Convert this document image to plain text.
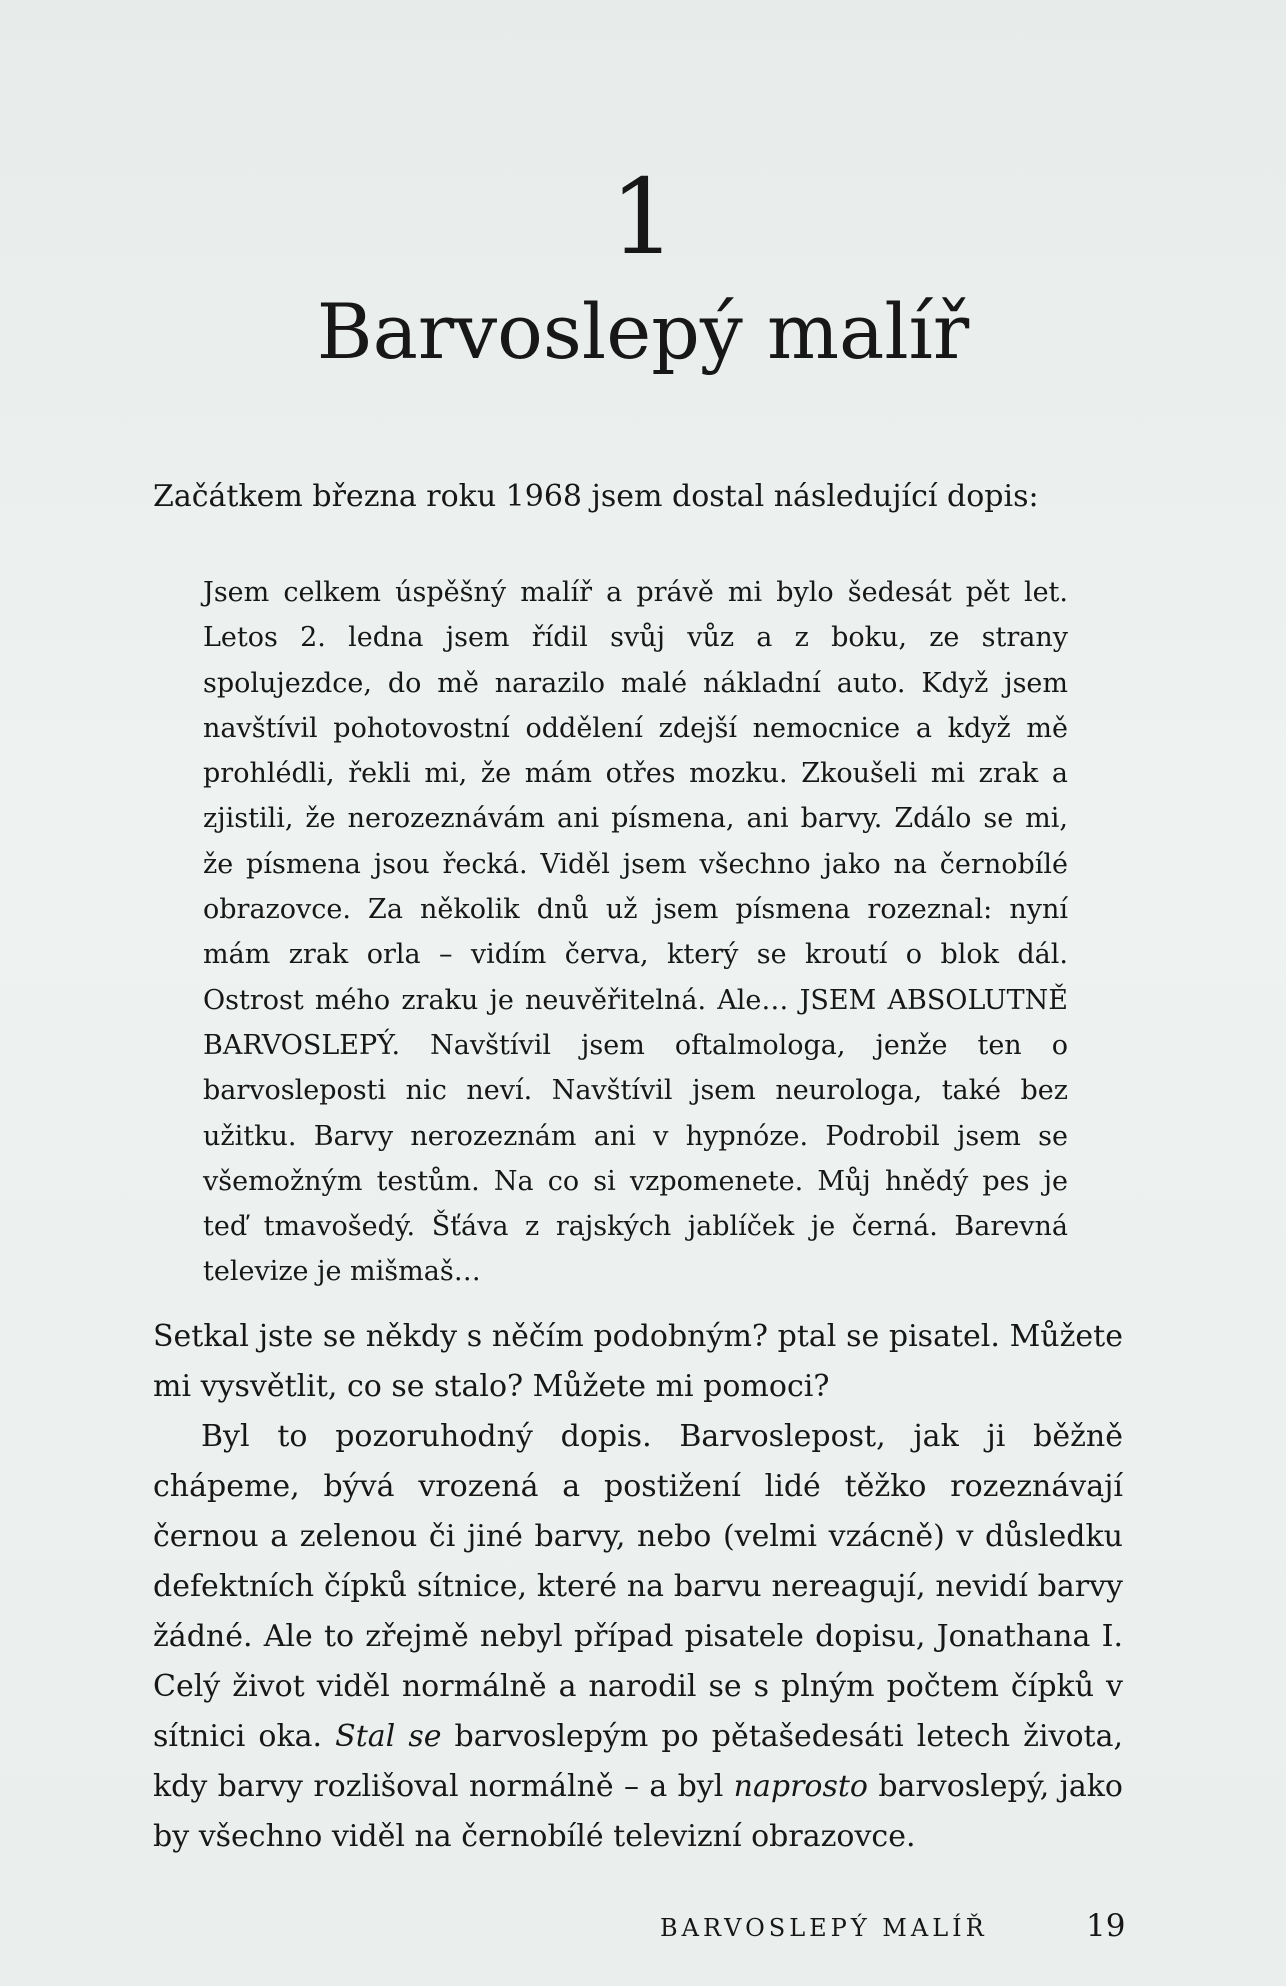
1
Barvoslepý malíř

Začátkem března roku 1968 jsem dostal následující dopis:

Jsem celkem úspěšný malíř a právě mi bylo šedesát pět let. Letos 2. ledna jsem řídil svůj vůz a z boku, ze strany spolujezdce, do mě narazilo malé nákladní auto. Když jsem navštívil pohotovostní oddělení zdejší nemocnice a když mě prohlédli, řekli mi, že mám otřes mozku. Zkoušeli mi zrak a zjistili, že nerozeznávám ani písmena, ani barvy. Zdálo se mi, že písmena jsou řecká. Viděl jsem všechno jako na černobílé obrazovce. Za několik dnů už jsem písmena rozeznal: nyní mám zrak orla – vidím červa, který se kroutí o blok dál. Ostrost mého zraku je neuvěřitelná. Ale… JSEM ABSOLUTNĚ BARVOSLEPÝ. Navštívil jsem oftalmologa, jenže ten o barvosleposti nic neví. Navštívil jsem neurologa, také bez užitku. Barvy nerozeznám ani v hypnóze. Podrobil jsem se všemožným testům. Na co si vzpomenete. Můj hnědý pes je teď tmavošedý. Šťáva z rajských jablíček je černá. Barevná televize je mišmaš…

Setkal jste se někdy s něčím podobným? ptal se pisatel. Můžete mi vysvětlit, co se stalo? Můžete mi pomoci?

Byl to pozoruhodný dopis. Barvoslepost, jak ji běžně chápeme, bývá vrozená a postižení lidé těžko rozeznávají černou a zelenou či jiné barvy, nebo (velmi vzácně) v důsledku defektních čípků sítnice, které na barvu nereagují, nevidí barvy žádné. Ale to zřejmě nebyl případ pisatele dopisu, Jonathana I. Celý život viděl normálně a narodil se s plným počtem čípků v sítnici oka. Stal se barvoslepým po pětašedesáti letech života, kdy barvy rozlišoval normálně – a byl naprosto barvoslepý, jako by všechno viděl na černobílé televizní obrazovce.

BARVOSLEPÝ MALÍŘ	19
